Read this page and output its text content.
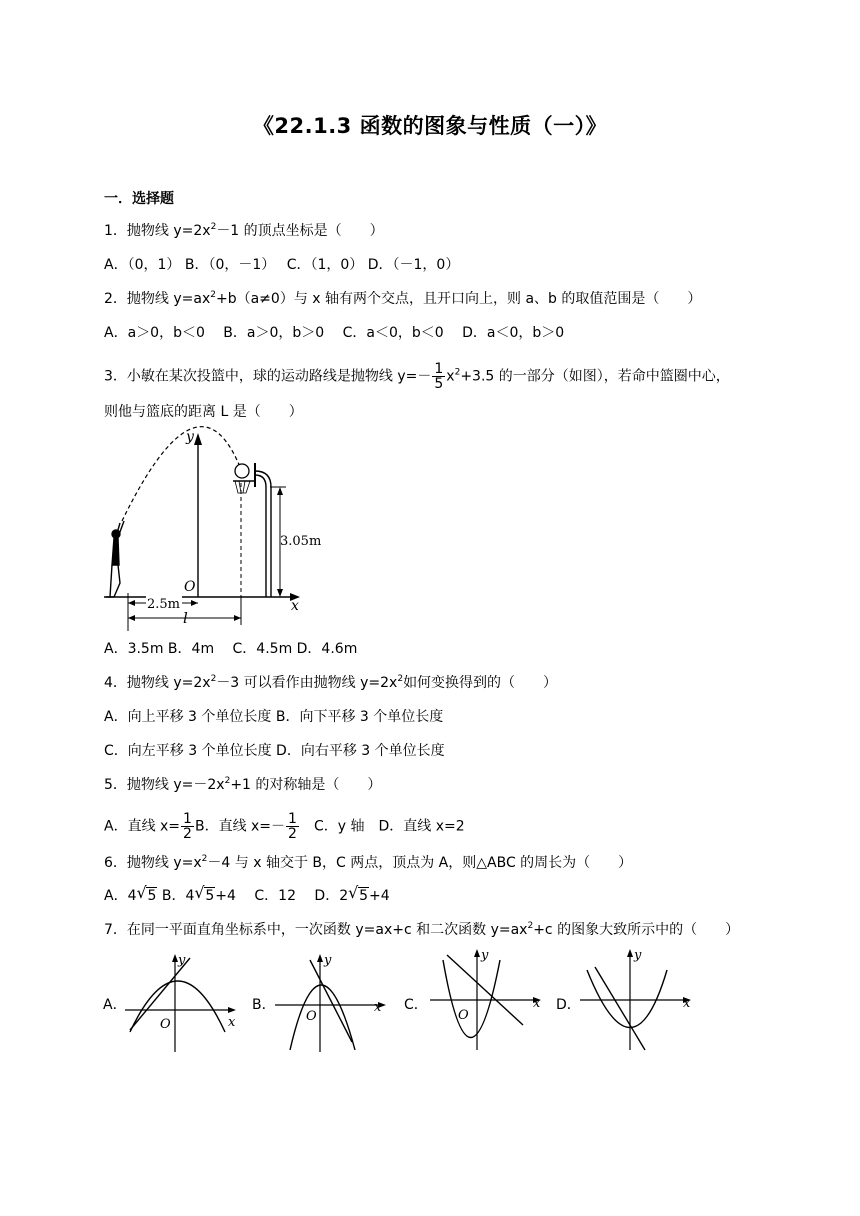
《22.1.3 函数的图象与性质（一）》
一．选择题
1．抛物线 $y=2x^2-1$ 的顶点坐标是（　　）
A．（0，1） B．（0，－1）　 C．（1，0） D．（－1，0）
2．抛物线 $y=ax^2+b(a\ne 0)$与 x 轴有两个交点，且开口向上，则 a、b 的取值范围是（　　）
A．a＞0，b＜0　 B．a＞0，b＞0　 C．a＜0，b＜0　 D．a＜0，b＞0
3．小敏在某次投篮中，球的运动路线是抛物线 $y=- \frac{1}{5} x^2+3.5$ 的一部分（如图），若命中篮圈中心，
则他与篮底的距离 L 是（　　）
x
y
O
3.05m
2.5m
l
A．3.5m B．4m　 C．4.5m D．4.6m
4．抛物线 $y=2x^2-3$ 可以看作由抛物线 $y=2x^2$如何变换得到的（　　）
A．向上平移 3 个单位长度 B．向下平移 3 个单位长度
C．向左平移 3 个单位长度 D．向右平移 3 个单位长度
5．抛物线 $y=-2x^2+1$ 的对称轴是（　　）
A．直线 $x= \frac{1}{2}$ B．直线 $x=- \frac{1}{2}$ 　C．y 轴　D．直线 x=2
6．抛物线 $y=x^2-4$ 与 x 轴交于 B，C 两点，顶点为 A，则△ABC 的周长为（　　）
A．4 √ 5 B．4 √ 5+4　 C．12　 D．2 √ 5+4
7．在同一平面直角坐标系中，一次函数 y=ax+c 和二次函数 $y=ax^2+c$ 的图象大致所示中的（　　）
A．	B．	C．	D．
x
y
O
x
y
O
x
y
O
x
y
